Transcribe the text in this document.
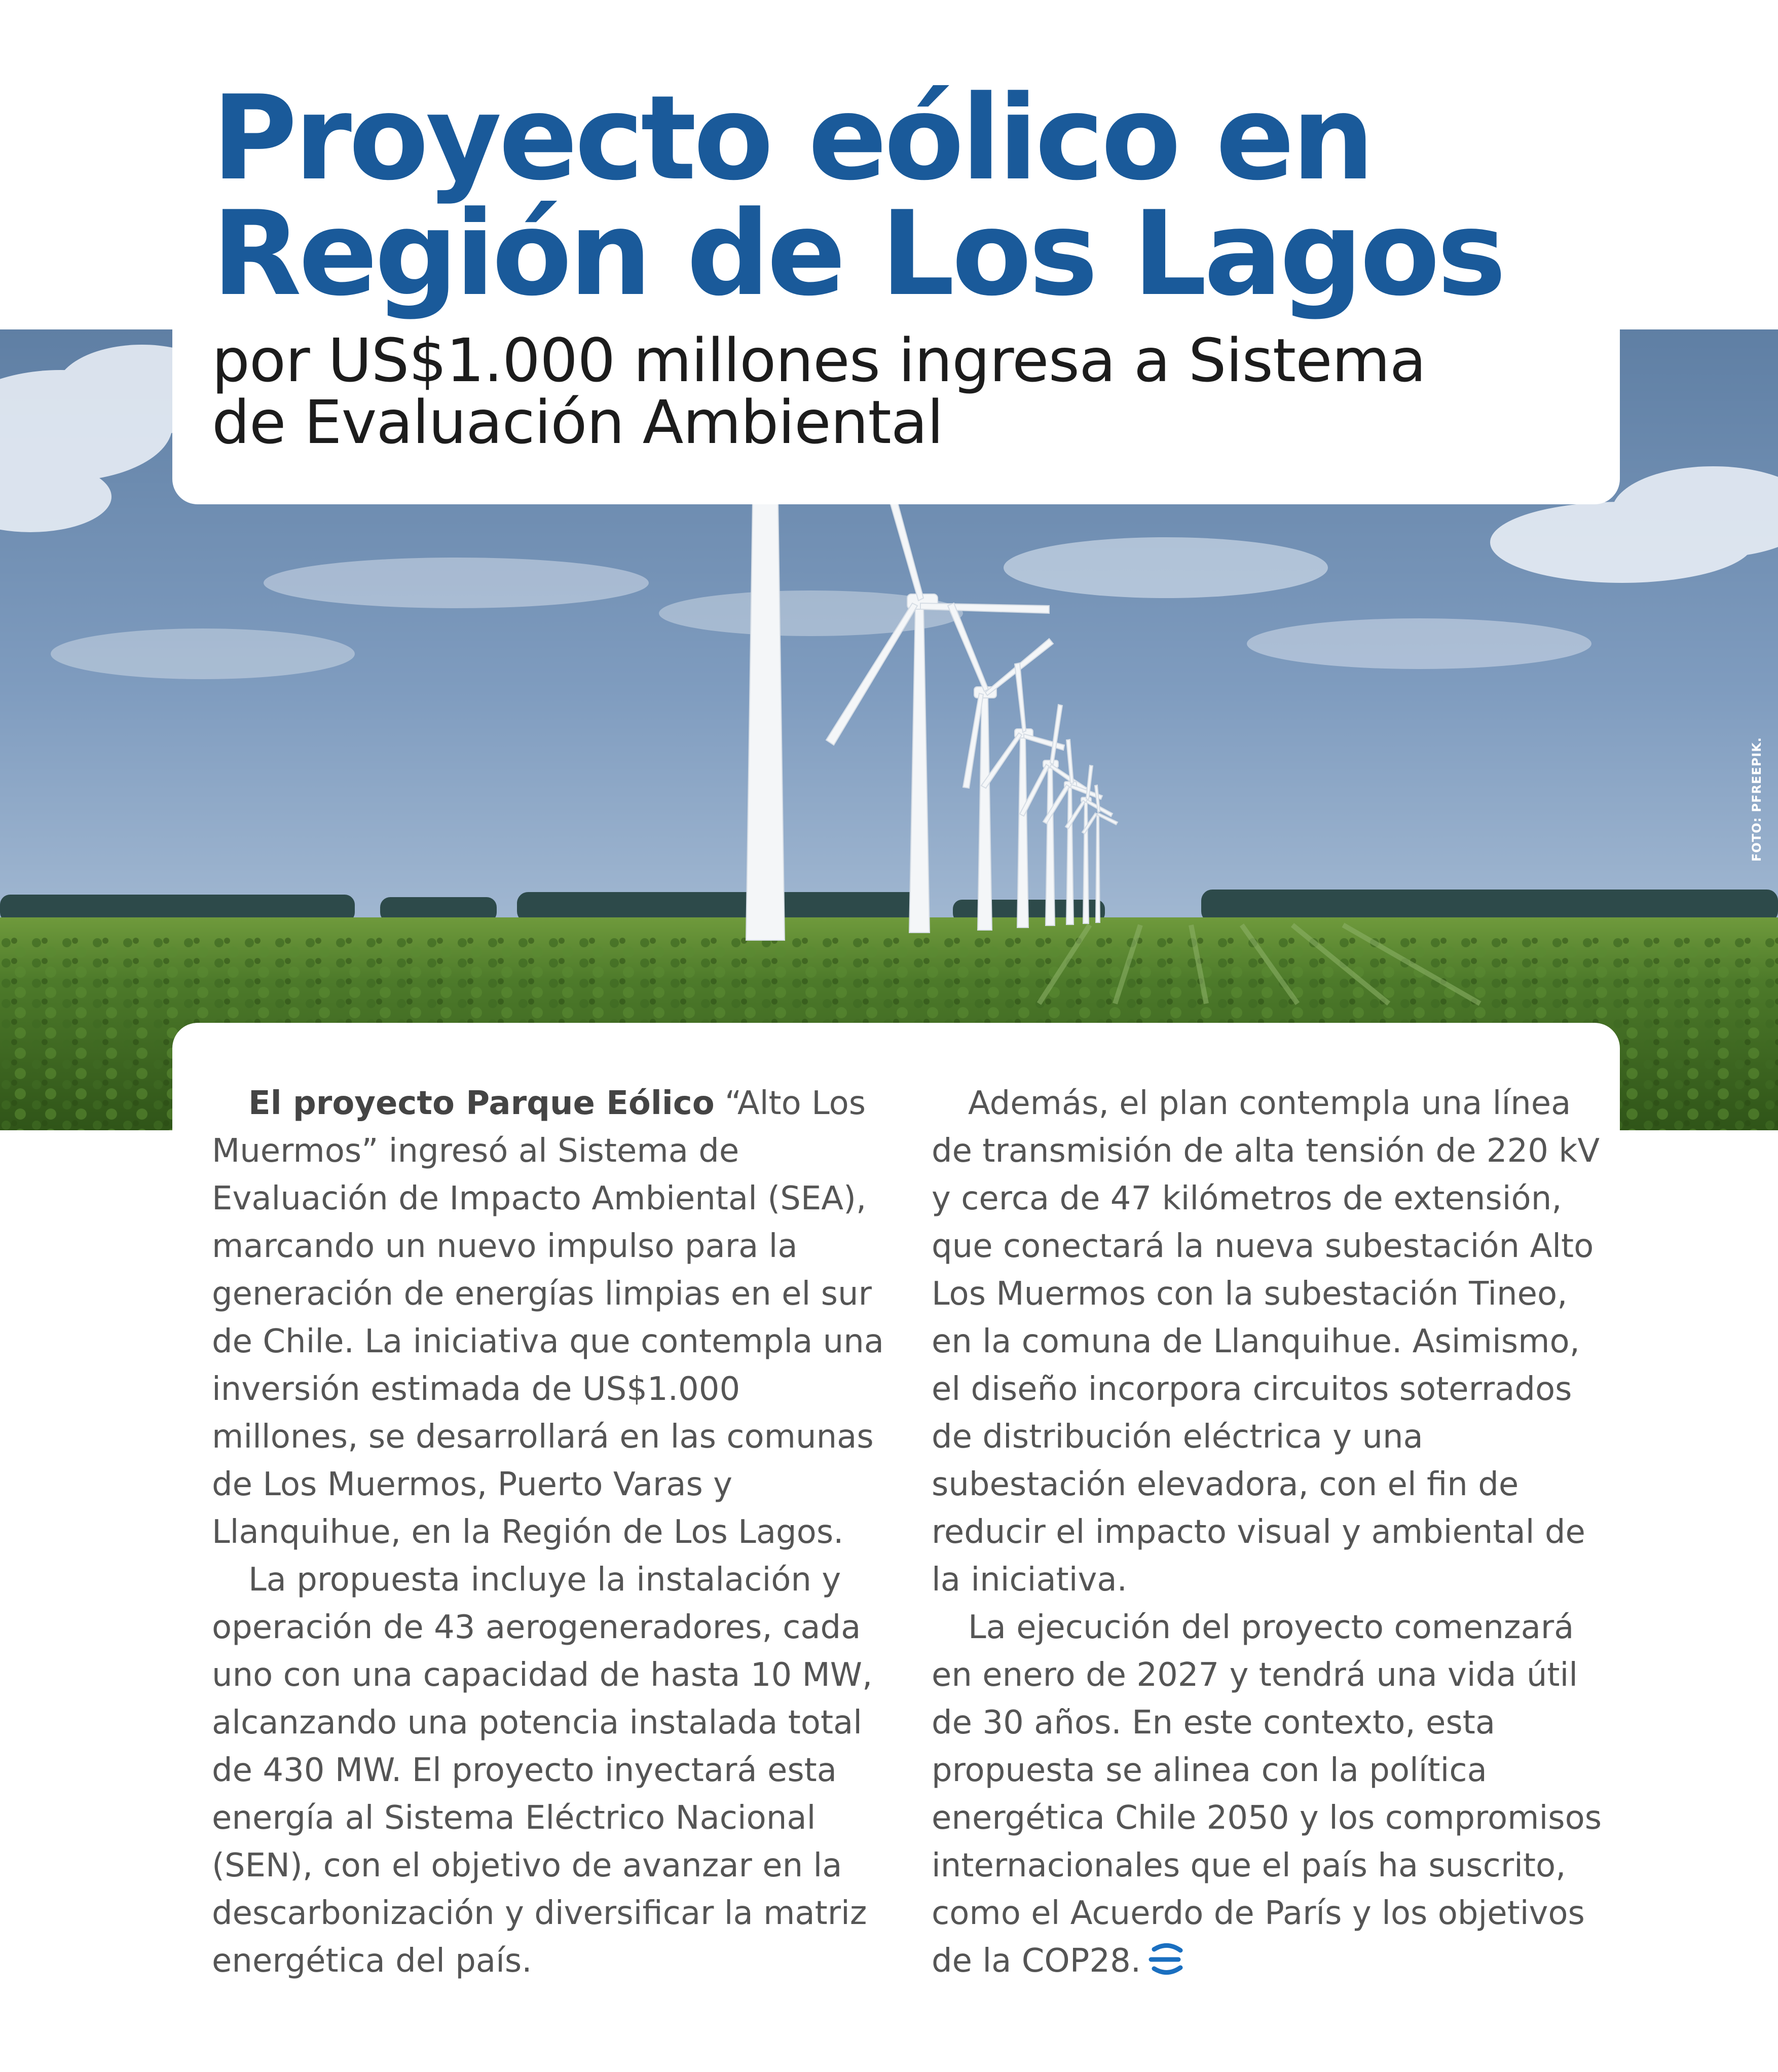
Proyecto eólico en
Región de Los Lagos
FOTO: PFREEPIK.
por US$1.000 millones ingresa a Sistema
de Evaluación Ambiental

El proyecto Parque Eólico “Alto Los Muermos” ingresó al Sistema de Evaluación de Impacto Ambiental (SEA), marcando un nuevo impulso para la generación de energías limpias en el sur de Chile. La iniciativa que contempla una inversión estimada de US$1.000 millones, se desarrollará en las comunas de Los Muermos, Puerto Varas y Llanquihue, en la Región de Los Lagos.

La propuesta incluye la instalación y operación de 43 aerogeneradores, cada uno con una capacidad de hasta 10 MW, alcanzando una potencia instalada total de 430 MW. El proyecto inyectará esta energía al Sistema Eléctrico Nacional (SEN), con el objetivo de avanzar en la descarbonización y diversificar la matriz energética del país.

Además, el plan contempla una línea de transmisión de alta tensión de 220 kV y cerca de 47 kilómetros de extensión, que conectará la nueva subestación Alto Los Muermos con la subestación Tineo, en la comuna de Llanquihue. Asimismo, el diseño incorpora circuitos soterrados de distribución eléctrica y una subestación elevadora, con el fin de reducir el impacto visual y ambiental de la iniciativa.

La ejecución del proyecto comenzará en enero de 2027 y tendrá una vida útil de 30 años. En este contexto, esta propuesta se alinea con la política energética Chile 2050 y los compromisos internacionales que el país ha suscrito, como el Acuerdo de París y los objetivos de la COP28.
